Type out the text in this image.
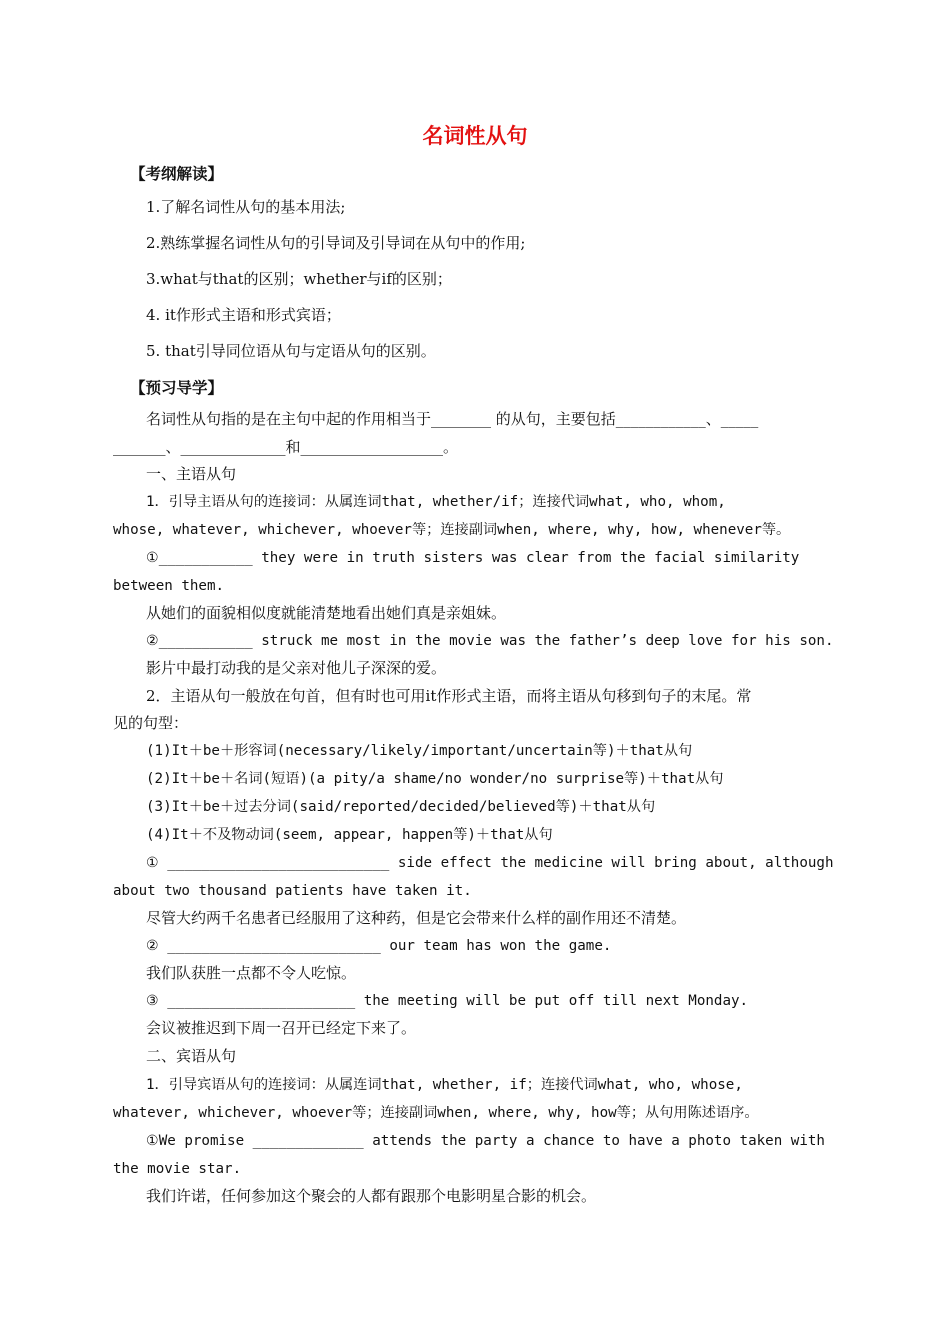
名词性从句
【考纲解读】
1.了解名词性从句的基本用法;
2.熟练掌握名词性从句的引导词及引导词在从句中的作用;
3.what与that的区别；whether与if的区别；
4. it作形式主语和形式宾语；
5. that引导同位语从句与定语从句的区别。
【预习导学】
名词性从句指的是在主句中起的作用相当于________ 的从句，主要包括____________、_____
_______、______________和___________________。
一、主语从句
1．引导主语从句的连接词：从属连词that, whether/if；连接代词what, who, whom,
whose, whatever, whichever, whoever等；连接副词when, where, why, how, whenever等。
①___________ they were in truth sisters was clear from the facial similarity
between them.
从她们的面貌相似度就能清楚地看出她们真是亲姐妹。
②___________ struck me most in the movie was the father’s deep love for his son.
影片中最打动我的是父亲对他儿子深深的爱。
2．主语从句一般放在句首，但有时也可用it作形式主语，而将主语从句移到句子的末尾。常
见的句型：
(1)It＋be＋形容词(necessary/likely/important/uncertain等)＋that从句
(2)It＋be＋名词(短语)(a pity/a shame/no wonder/no surprise等)＋that从句
(3)It＋be＋过去分词(said/reported/decided/believed等)＋that从句
(4)It＋不及物动词(seem, appear, happen等)＋that从句
① __________________________ side effect the medicine will bring about, although
about two thousand patients have taken it.
尽管大约两千名患者已经服用了这种药，但是它会带来什么样的副作用还不清楚。
② _________________________ our team has won the game.
我们队获胜一点都不令人吃惊。
③ ______________________ the meeting will be put off till next Monday.
会议被推迟到下周一召开已经定下来了。
二、宾语从句
1．引导宾语从句的连接词：从属连词that, whether, if；连接代词what, who, whose,
whatever, whichever, whoever等；连接副词when, where, why, how等；从句用陈述语序。
①We promise _____________ attends the party a chance to have a photo taken with
the movie star.
我们许诺，任何参加这个聚会的人都有跟那个电影明星合影的机会。
